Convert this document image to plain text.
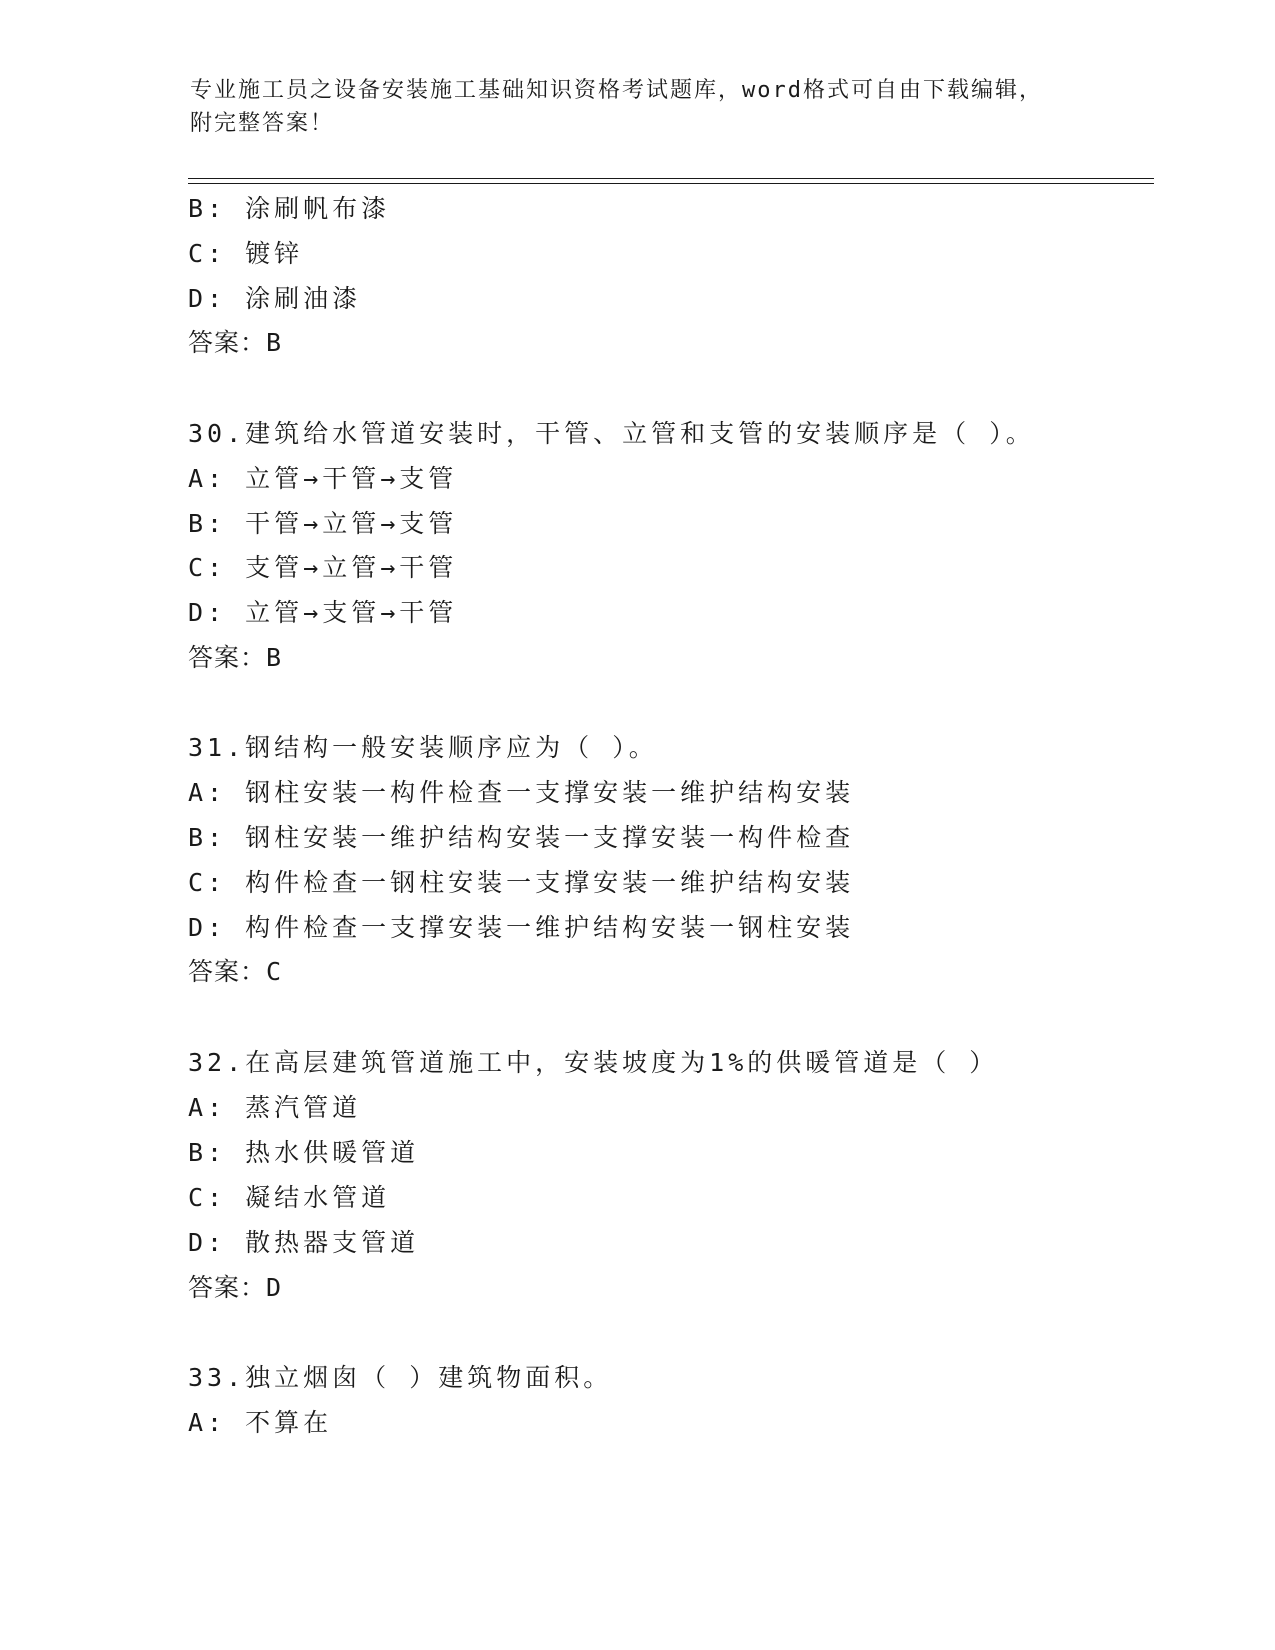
专业施工员之设备安装施工基础知识资格考试题库，word格式可自由下载编辑，
附完整答案！
B: 涂刷帆布漆
C: 镀锌
D: 涂刷油漆
答案：B
30.建筑给水管道安装时，干管、立管和支管的安装顺序是（ ）。
A: 立管→干管→支管
B: 干管→立管→支管
C: 支管→立管→干管
D: 立管→支管→干管
答案：B
31.钢结构一般安装顺序应为（ ）。
A: 钢柱安装一构件检查一支撑安装一维护结构安装
B: 钢柱安装一维护结构安装一支撑安装一构件检查
C: 构件检查一钢柱安装一支撑安装一维护结构安装
D: 构件检查一支撑安装一维护结构安装一钢柱安装
答案：C
32.在高层建筑管道施工中，安装坡度为1%的供暖管道是（ ）
A: 蒸汽管道
B: 热水供暖管道
C: 凝结水管道
D: 散热器支管道
答案：D
33.独立烟囱（ ）建筑物面积。
A: 不算在
